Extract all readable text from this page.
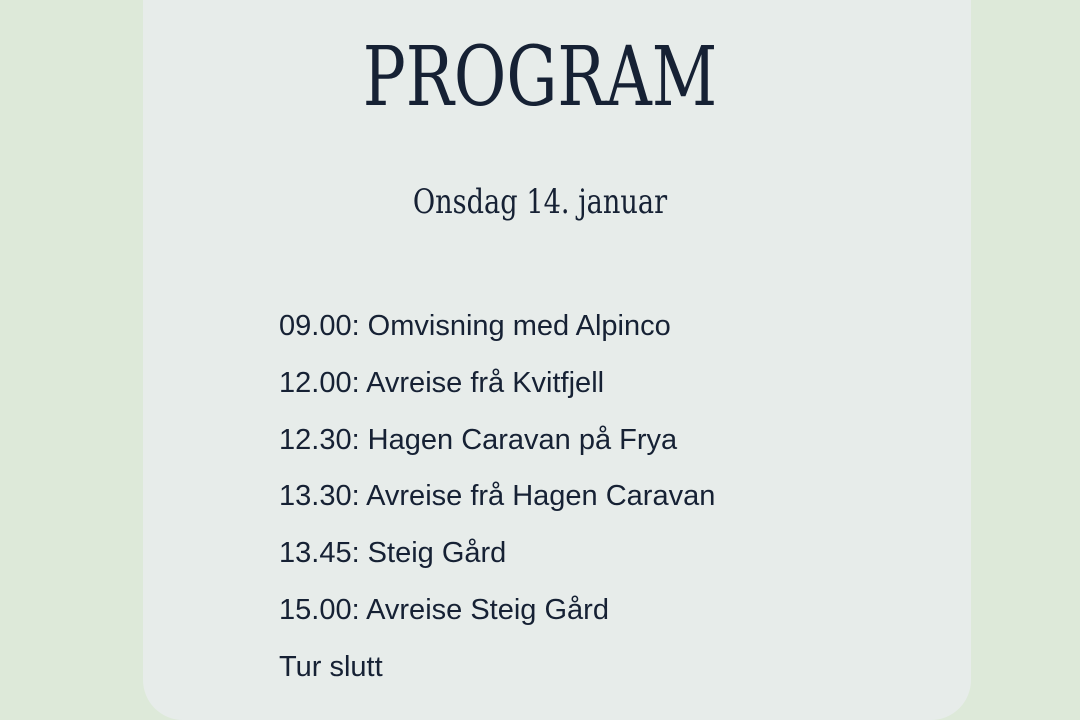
PROGRAM
Onsdag 14. januar
09.00: Omvisning med Alpinco
12.00: Avreise frå Kvitfjell
12.30: Hagen Caravan på Frya
13.30: Avreise frå Hagen Caravan
13.45: Steig Gård
15.00: Avreise Steig Gård
Tur slutt
